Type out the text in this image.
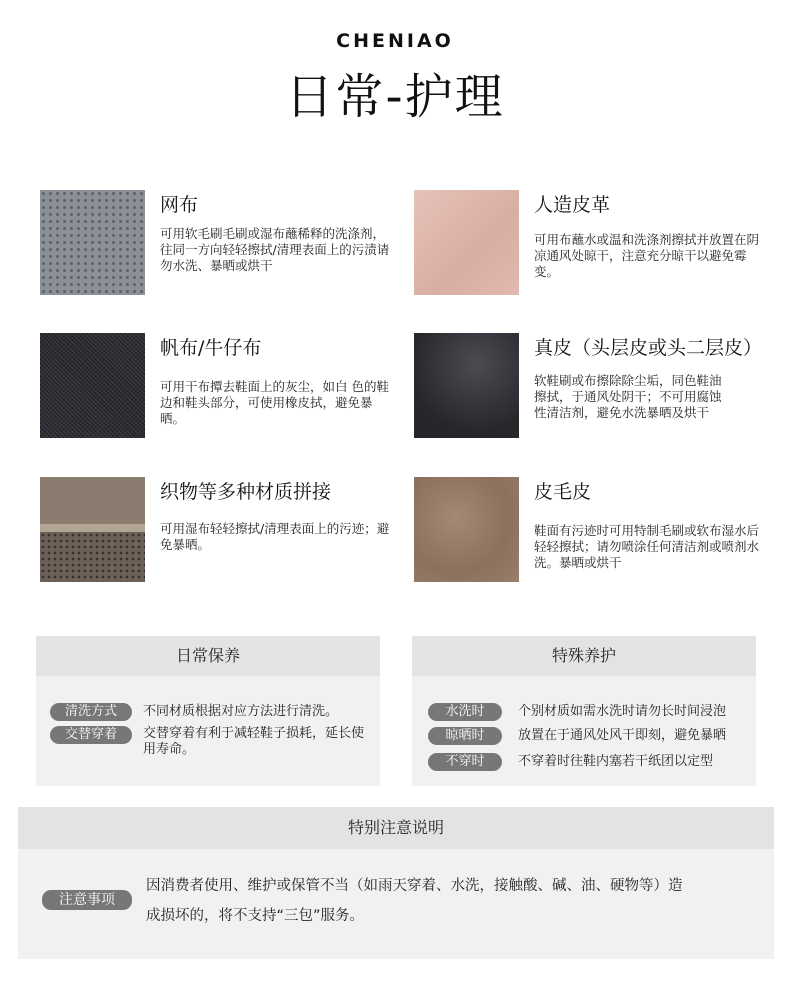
CHENIAO
日常-护理
网布
可用软毛刷毛刷或湿布蘸稀释的洗涤剂，往同一方向轻轻擦拭/清理表面上的污渍请勿水洗、暴晒或烘干
人造皮革
可用布蘸水或温和洗涤剂擦拭并放置在阴凉通风处晾干，注意充分晾干以避免霉变。
帆布/牛仔布
可用干布撢去鞋面上的灰尘，如白 色的鞋边和鞋头部分，可使用橡皮拭，避免暴晒。
真皮（头层皮或头二层皮）
软鞋刷或布擦除除尘垢，同色鞋油擦拭，于通风处阴干；不可用腐蚀性清洁剂，避免水洗暴晒及烘干
织物等多种材质拼接
可用湿布轻轻擦拭/清理表面上的污迹；避免暴晒。
皮毛皮
鞋面有污迹时可用特制毛刷或软布湿水后轻轻擦拭；请勿喷涂任何清洁剂或喷剂水洗。暴晒或烘干
日常保养
清洗方式	不同材质根据对应方法进行清洗。
交替穿着	交替穿着有利于减轻鞋子损耗，延长使用寿命。
特殊养护
水洗时	个别材质如需水洗时请勿长时间浸泡
晾晒时	放置在于通风处风干即刻，避免暴晒
不穿时	不穿着时往鞋内塞若干纸团以定型
特别注意说明
注意事项
因消费者使用、维护或保管不当（如雨天穿着、水洗，接触酸、碱、油、硬物等）造
成损坏的，将不支持“三包”服务。
